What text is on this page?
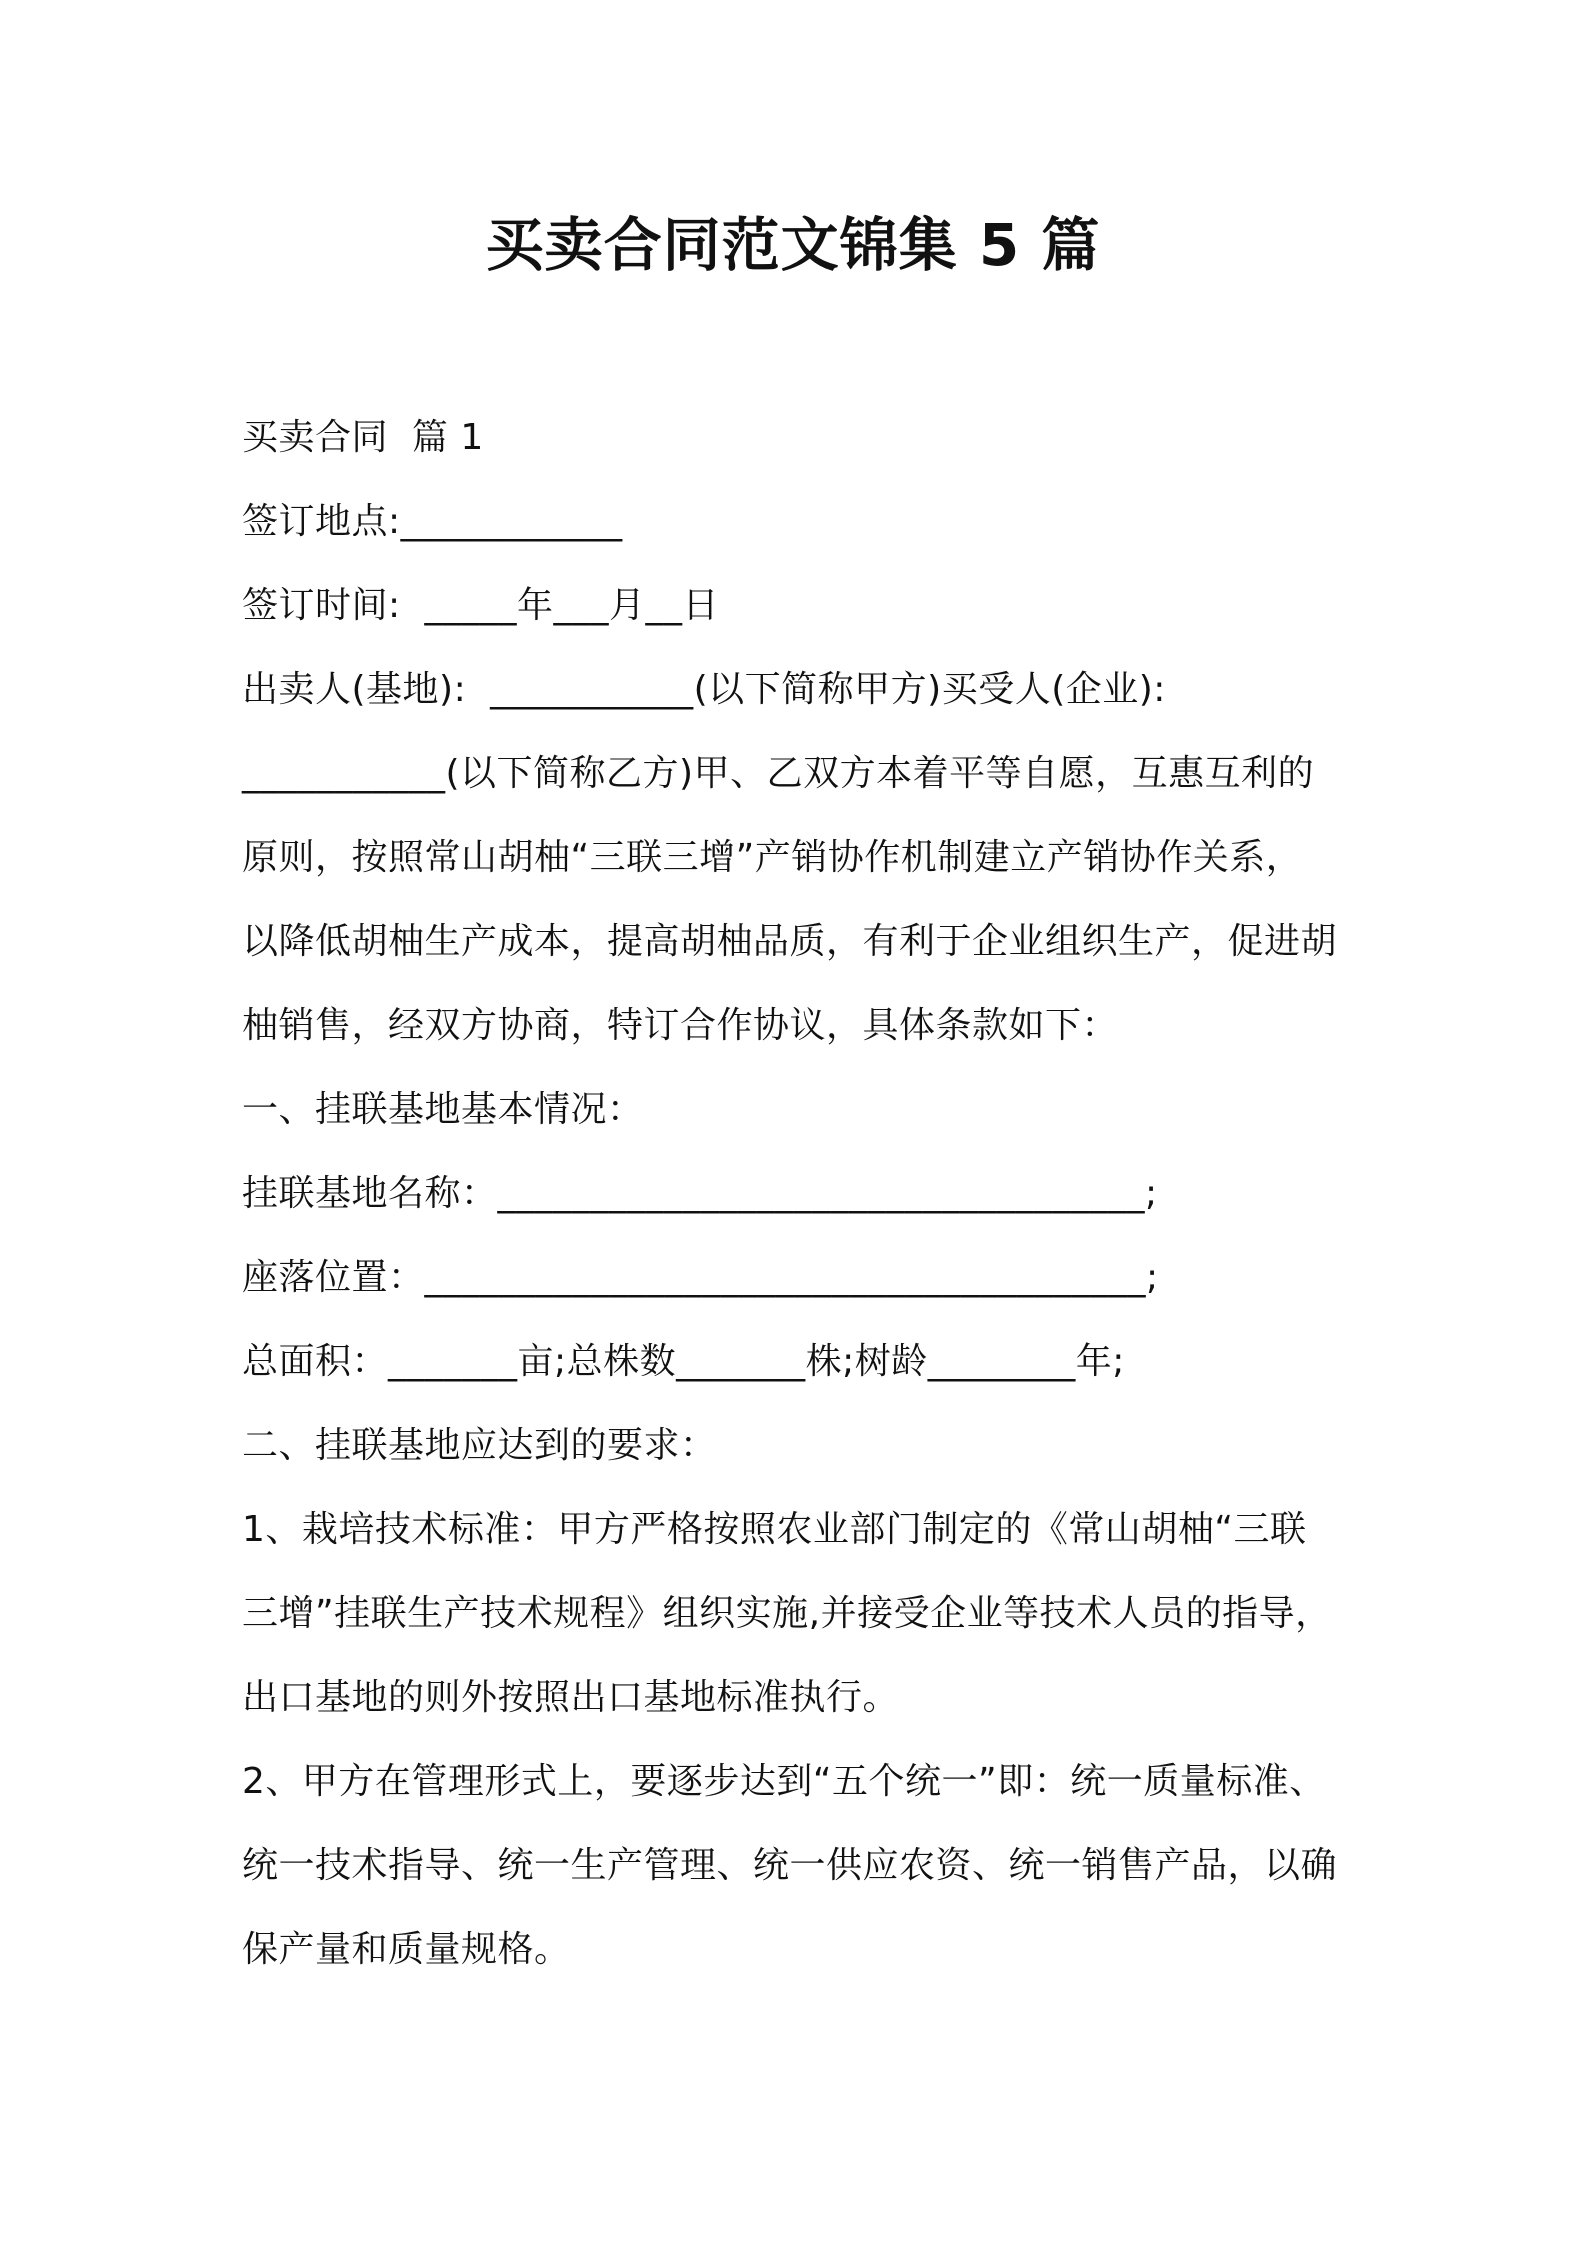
买卖合同范文锦集 5 篇
买卖合同  篇 1
签订地点:____________
签订时间:  _____年___月__日
出卖人(基地):  ___________(以下简称甲方)买受人(企业):
___________(以下简称乙方)甲、乙双方本着平等自愿，互惠互利的
原则，按照常山胡柚“三联三增”产销协作机制建立产销协作关系，
以降低胡柚生产成本，提高胡柚品质，有利于企业组织生产，促进胡
柚销售，经双方协商，特订合作协议，具体条款如下：
一、挂联基地基本情况：
挂联基地名称：___________________________________;
座落位置：_______________________________________;
总面积：_______亩;总株数_______株;树龄________年;
二、挂联基地应达到的要求：
1、栽培技术标准：甲方严格按照农业部门制定的《常山胡柚“三联
三增”挂联生产技术规程》组织实施,并接受企业等技术人员的指导，
出口基地的则外按照出口基地标准执行。
2、甲方在管理形式上，要逐步达到“五个统一”即：统一质量标准、
统一技术指导、统一生产管理、统一供应农资、统一销售产品，以确
保产量和质量规格。
